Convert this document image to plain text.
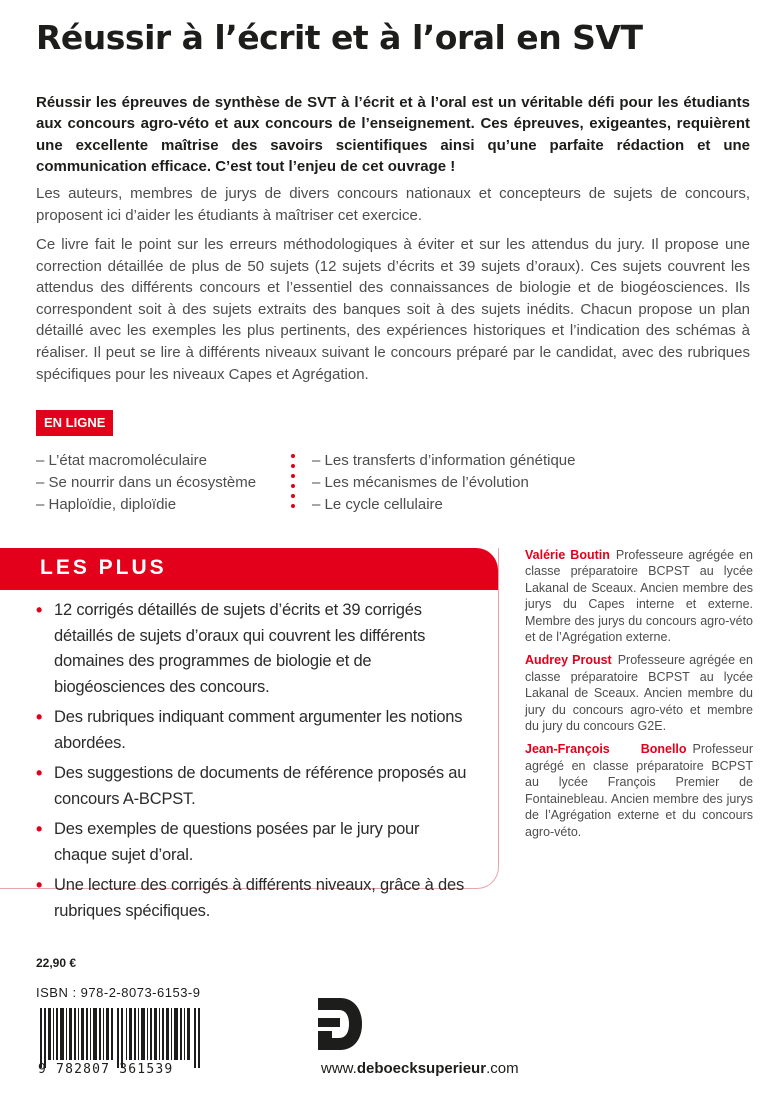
Réussir à l’écrit et à l’oral en SVT
Réussir les épreuves de synthèse de SVT à l’écrit et à l’oral est un véritable défi pour les étudiants aux concours agro-véto et aux concours de l’enseignement. Ces épreuves, exigeantes, requièrent une excellente maîtrise des savoirs scientifiques ainsi qu’une parfaite rédaction et une communication efficace. C’est tout l’enjeu de cet ouvrage !
Les auteurs, membres de jurys de divers concours nationaux et concepteurs de sujets de concours, proposent ici d’aider les étudiants à maîtriser cet exercice.
Ce livre fait le point sur les erreurs méthodologiques à éviter et sur les attendus du jury. Il propose une correction détaillée de plus de 50 sujets (12 sujets d’écrits et 39 sujets d’oraux). Ces sujets couvrent les attendus des différents concours et l’essentiel des connaissances de biologie et de biogéosciences. Ils correspondent soit à des sujets extraits des banques soit à des sujets inédits. Chacun propose un plan détaillé avec les exemples les plus pertinents, des expériences historiques et l’indication des schémas à réaliser. Il peut se lire à différents niveaux suivant le concours préparé par le candidat, avec des rubriques spécifiques pour les niveaux Capes et Agrégation.
EN LIGNE
– L’état macromoléculaire
– Se nourrir dans un écosystème
– Haploïdie, diploïdie
– Les transferts d’information génétique
– Les mécanismes de l’évolution
– Le cycle cellulaire
LES PLUS
• 12 corrigés détaillés de sujets d’écrits et 39 corrigés détaillés de sujets d’oraux qui couvrent les différents domaines des programmes de biologie et de biogéosciences des concours.
• Des rubriques indiquant comment argumenter les notions abordées.
• Des suggestions de documents de référence proposés au concours A-BCPST.
• Des exemples de questions posées par le jury pour chaque sujet d’oral.
• Une lecture des corrigés à différents niveaux, grâce à des rubriques spécifiques.

Valérie Boutin Professeure agrégée en classe préparatoire BCPST au lycée Lakanal de Sceaux. Ancien membre des jurys du Capes interne et externe. Membre des jurys du concours agro-véto et de l’Agrégation externe.

Audrey Proust Professeure agrégée en classe préparatoire BCPST au lycée Lakanal de Sceaux. Ancien membre du jury du concours agro-véto et membre du jury du concours G2E.

Jean-François Bonello Professeur agrégé en classe préparatoire BCPST au lycée François Premier de Fontainebleau. Ancien membre des jurys de l’Agrégation externe et du concours agro-véto.

22,90 €
ISBN : 978-2-8073-6153-9
9 782807 361539	www.deboecksuperieur.com
